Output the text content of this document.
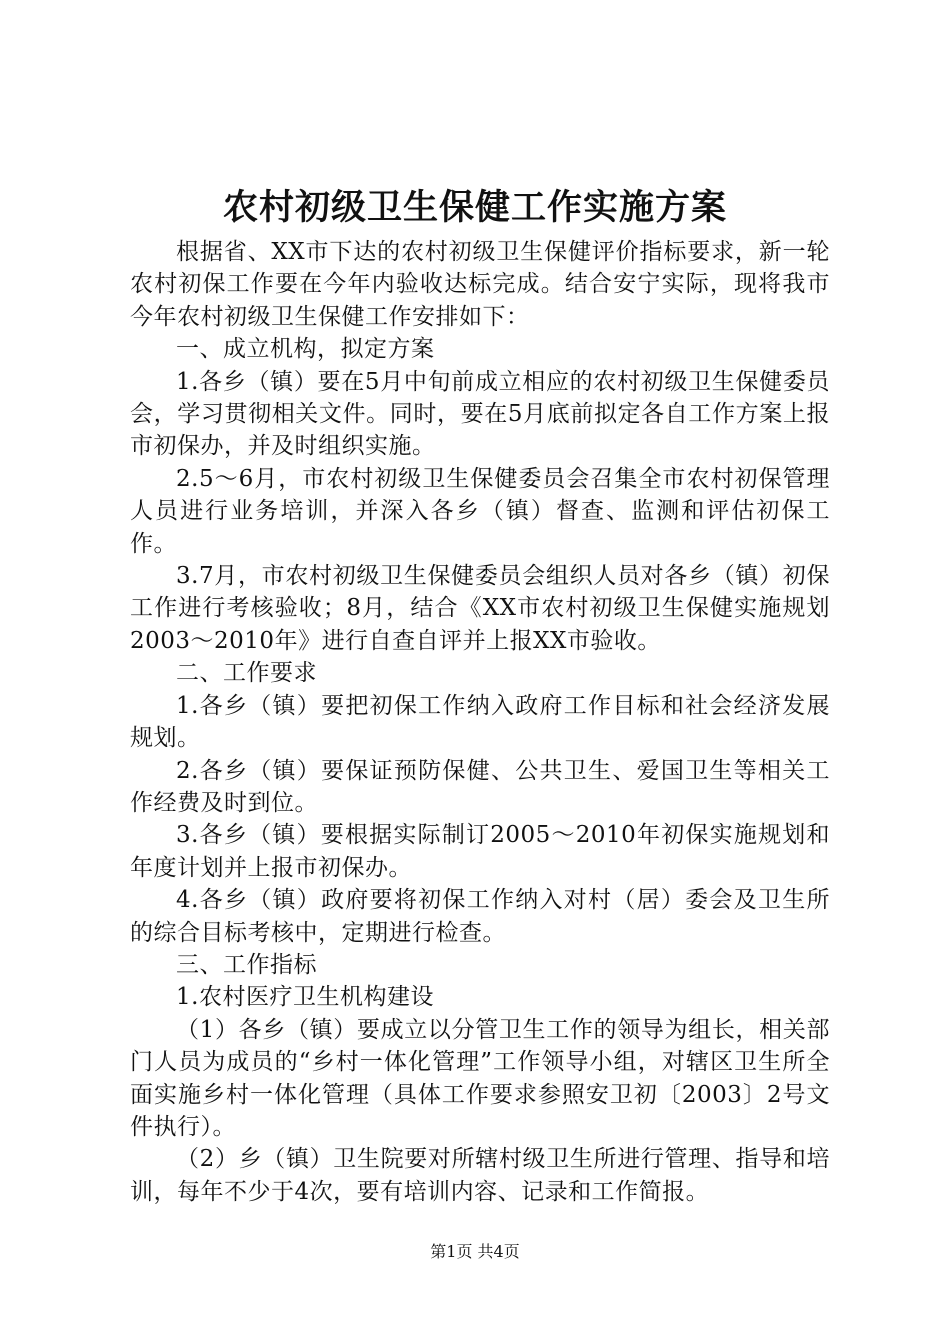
农村初级卫生保健工作实施方案

根据省、XX市下达的农村初级卫生保健评价指标要求，新一轮农村初保工作要在今年内验收达标完成。结合安宁实际，现将我市今年农村初级卫生保健工作安排如下：

一、成立机构，拟定方案

1.各乡（镇）要在5月中旬前成立相应的农村初级卫生保健委员会，学习贯彻相关文件。同时，要在5月底前拟定各自工作方案上报市初保办，并及时组织实施。

2.5～6月，市农村初级卫生保健委员会召集全市农村初保管理人员进行业务培训，并深入各乡（镇）督查、监测和评估初保工作。

3.7月，市农村初级卫生保健委员会组织人员对各乡（镇）初保工作进行考核验收；8月，结合《XX市农村初级卫生保健实施规划2003～2010年》进行自查自评并上报XX市验收。

二、工作要求

1.各乡（镇）要把初保工作纳入政府工作目标和社会经济发展规划。

2.各乡（镇）要保证预防保健、公共卫生、爱国卫生等相关工作经费及时到位。

3.各乡（镇）要根据实际制订2005～2010年初保实施规划和年度计划并上报市初保办。

4.各乡（镇）政府要将初保工作纳入对村（居）委会及卫生所的综合目标考核中，定期进行检查。

三、工作指标

1.农村医疗卫生机构建设

（1）各乡（镇）要成立以分管卫生工作的领导为组长，相关部门人员为成员的“乡村一体化管理”工作领导小组，对辖区卫生所全面实施乡村一体化管理（具体工作要求参照安卫初〔2003〕2号文件执行）。

（2）乡（镇）卫生院要对所辖村级卫生所进行管理、指导和培训，每年不少于4次，要有培训内容、记录和工作简报。

第1页 共4页
